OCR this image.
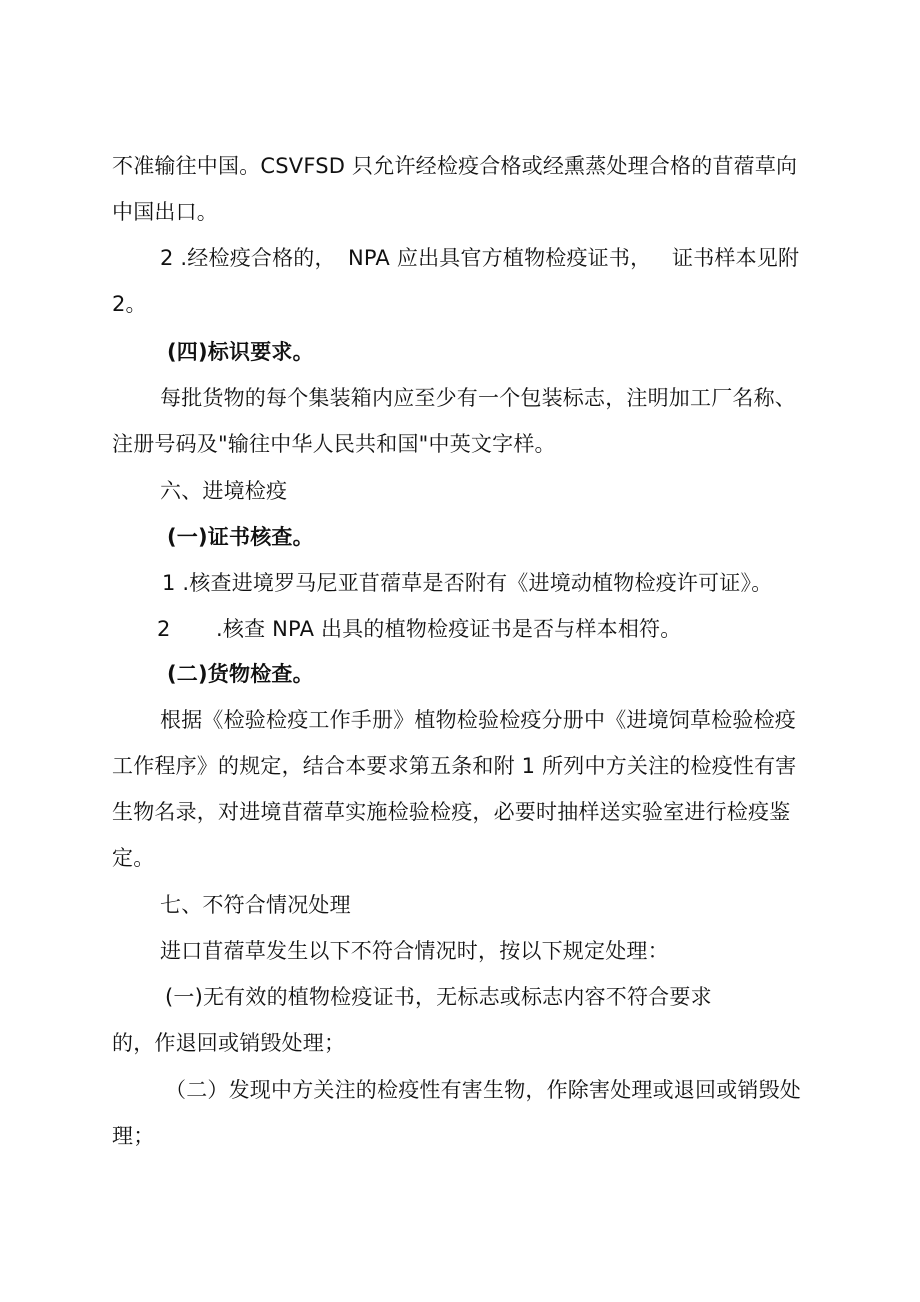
不准输往中国。CSVFSD 只允许经检疫合格或经熏蒸处理合格的苜蓿草向
中国出口。
2 .经检疫合格的， NPA 应出具官方植物检疫证书， 证书样本见附
2。
(四)标识要求。
每批货物的每个集装箱内应至少有一个包装标志，注明加工厂名称、
注册号码及"输往中华人民共和国"中英文字样。
六、进境检疫
(一)证书核查。
1 .核查进境罗马尼亚苜蓿草是否附有《进境动植物检疫许可证》。
2 .核查 NPA 出具的植物检疫证书是否与样本相符。
(二)货物检查。
根据《检验检疫工作手册》植物检验检疫分册中《进境饲草检验检疫
工作程序》的规定，结合本要求第五条和附 1 所列中方关注的检疫性有害
生物名录，对进境苜蓿草实施检验检疫，必要时抽样送实验室进行检疫鉴
定。
七、不符合情况处理
进口苜蓿草发生以下不符合情况时，按以下规定处理：
(一)无有效的植物检疫证书，无标志或标志内容不符合要求
的，作退回或销毁处理；
（二）发现中方关注的检疫性有害生物，作除害处理或退回或销毁处
理；
